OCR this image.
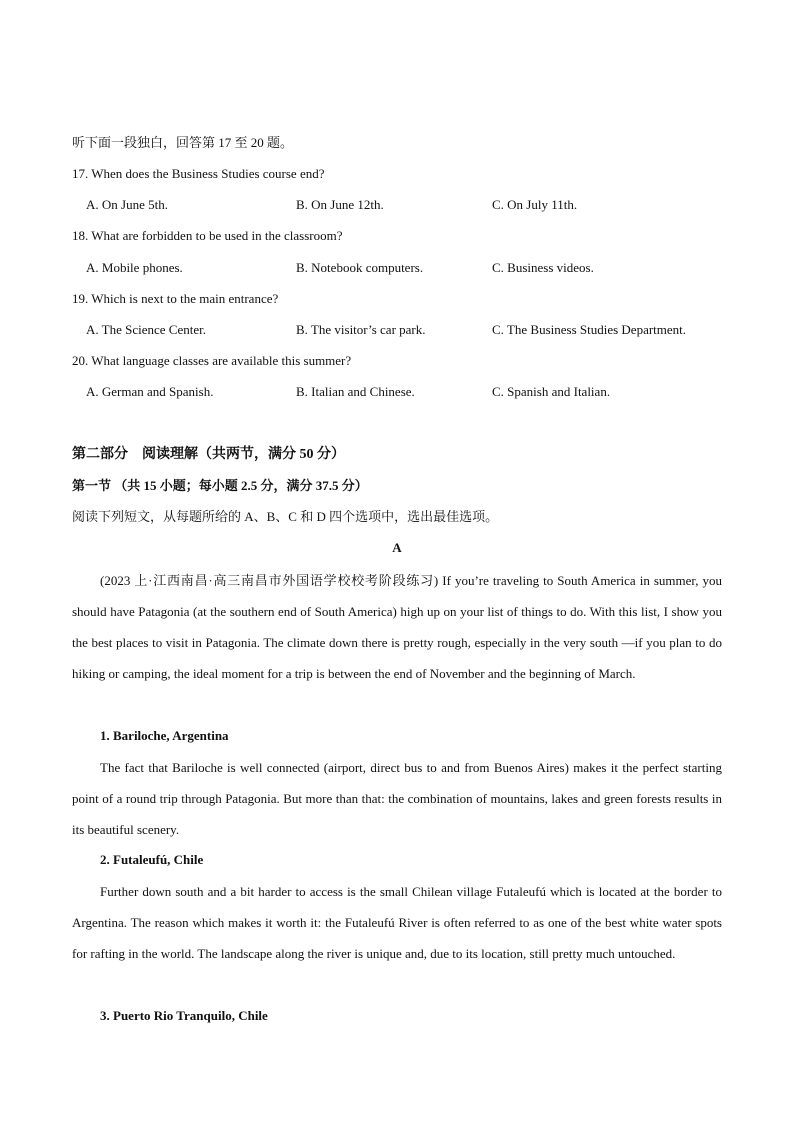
听下面一段独白，回答第 17 至 20 题。
17. When does the Business Studies course end?
A. On June 5th.	B. On June 12th.	C. On July 11th.
18. What are forbidden to be used in the classroom?
A. Mobile phones.	B. Notebook computers.	C. Business videos.
19. Which is next to the main entrance?
A. The Science Center.	B. The visitor’s car park.	C. The Business Studies Department.
20. What language classes are available this summer?
A. German and Spanish.	B. Italian and Chinese.	C. Spanish and Italian.
第二部分　阅读理解（共两节，满分 50 分）
第一节 （共 15 小题；每小题 2.5 分，满分 37.5 分）
阅读下列短文，从每题所给的 A、B、C 和 D 四个选项中，选出最佳选项。
A
(2023 上·江西南昌·高三南昌市外国语学校校考阶段练习) If you’re traveling to South America in summer, you should have Patagonia (at the southern end of South America) high up on your list of things to do. With this list, I show you the best places to visit in Patagonia. The climate down there is pretty rough, especially in the very south —if you plan to do hiking or camping, the ideal moment for a trip is between the end of November and the beginning of March.
1. Bariloche, Argentina
The fact that Bariloche is well connected (airport, direct bus to and from Buenos Aires) makes it the perfect starting point of a round trip through Patagonia. But more than that: the combination of mountains, lakes and green forests results in its beautiful scenery.
2. Futaleufú, Chile
Further down south and a bit harder to access is the small Chilean village Futaleufú which is located at the border to Argentina. The reason which makes it worth it: the Futaleufú River is often referred to as one of the best white water spots for rafting in the world. The landscape along the river is unique and, due to its location, still pretty much untouched.
3. Puerto Rio Tranquilo, Chile
